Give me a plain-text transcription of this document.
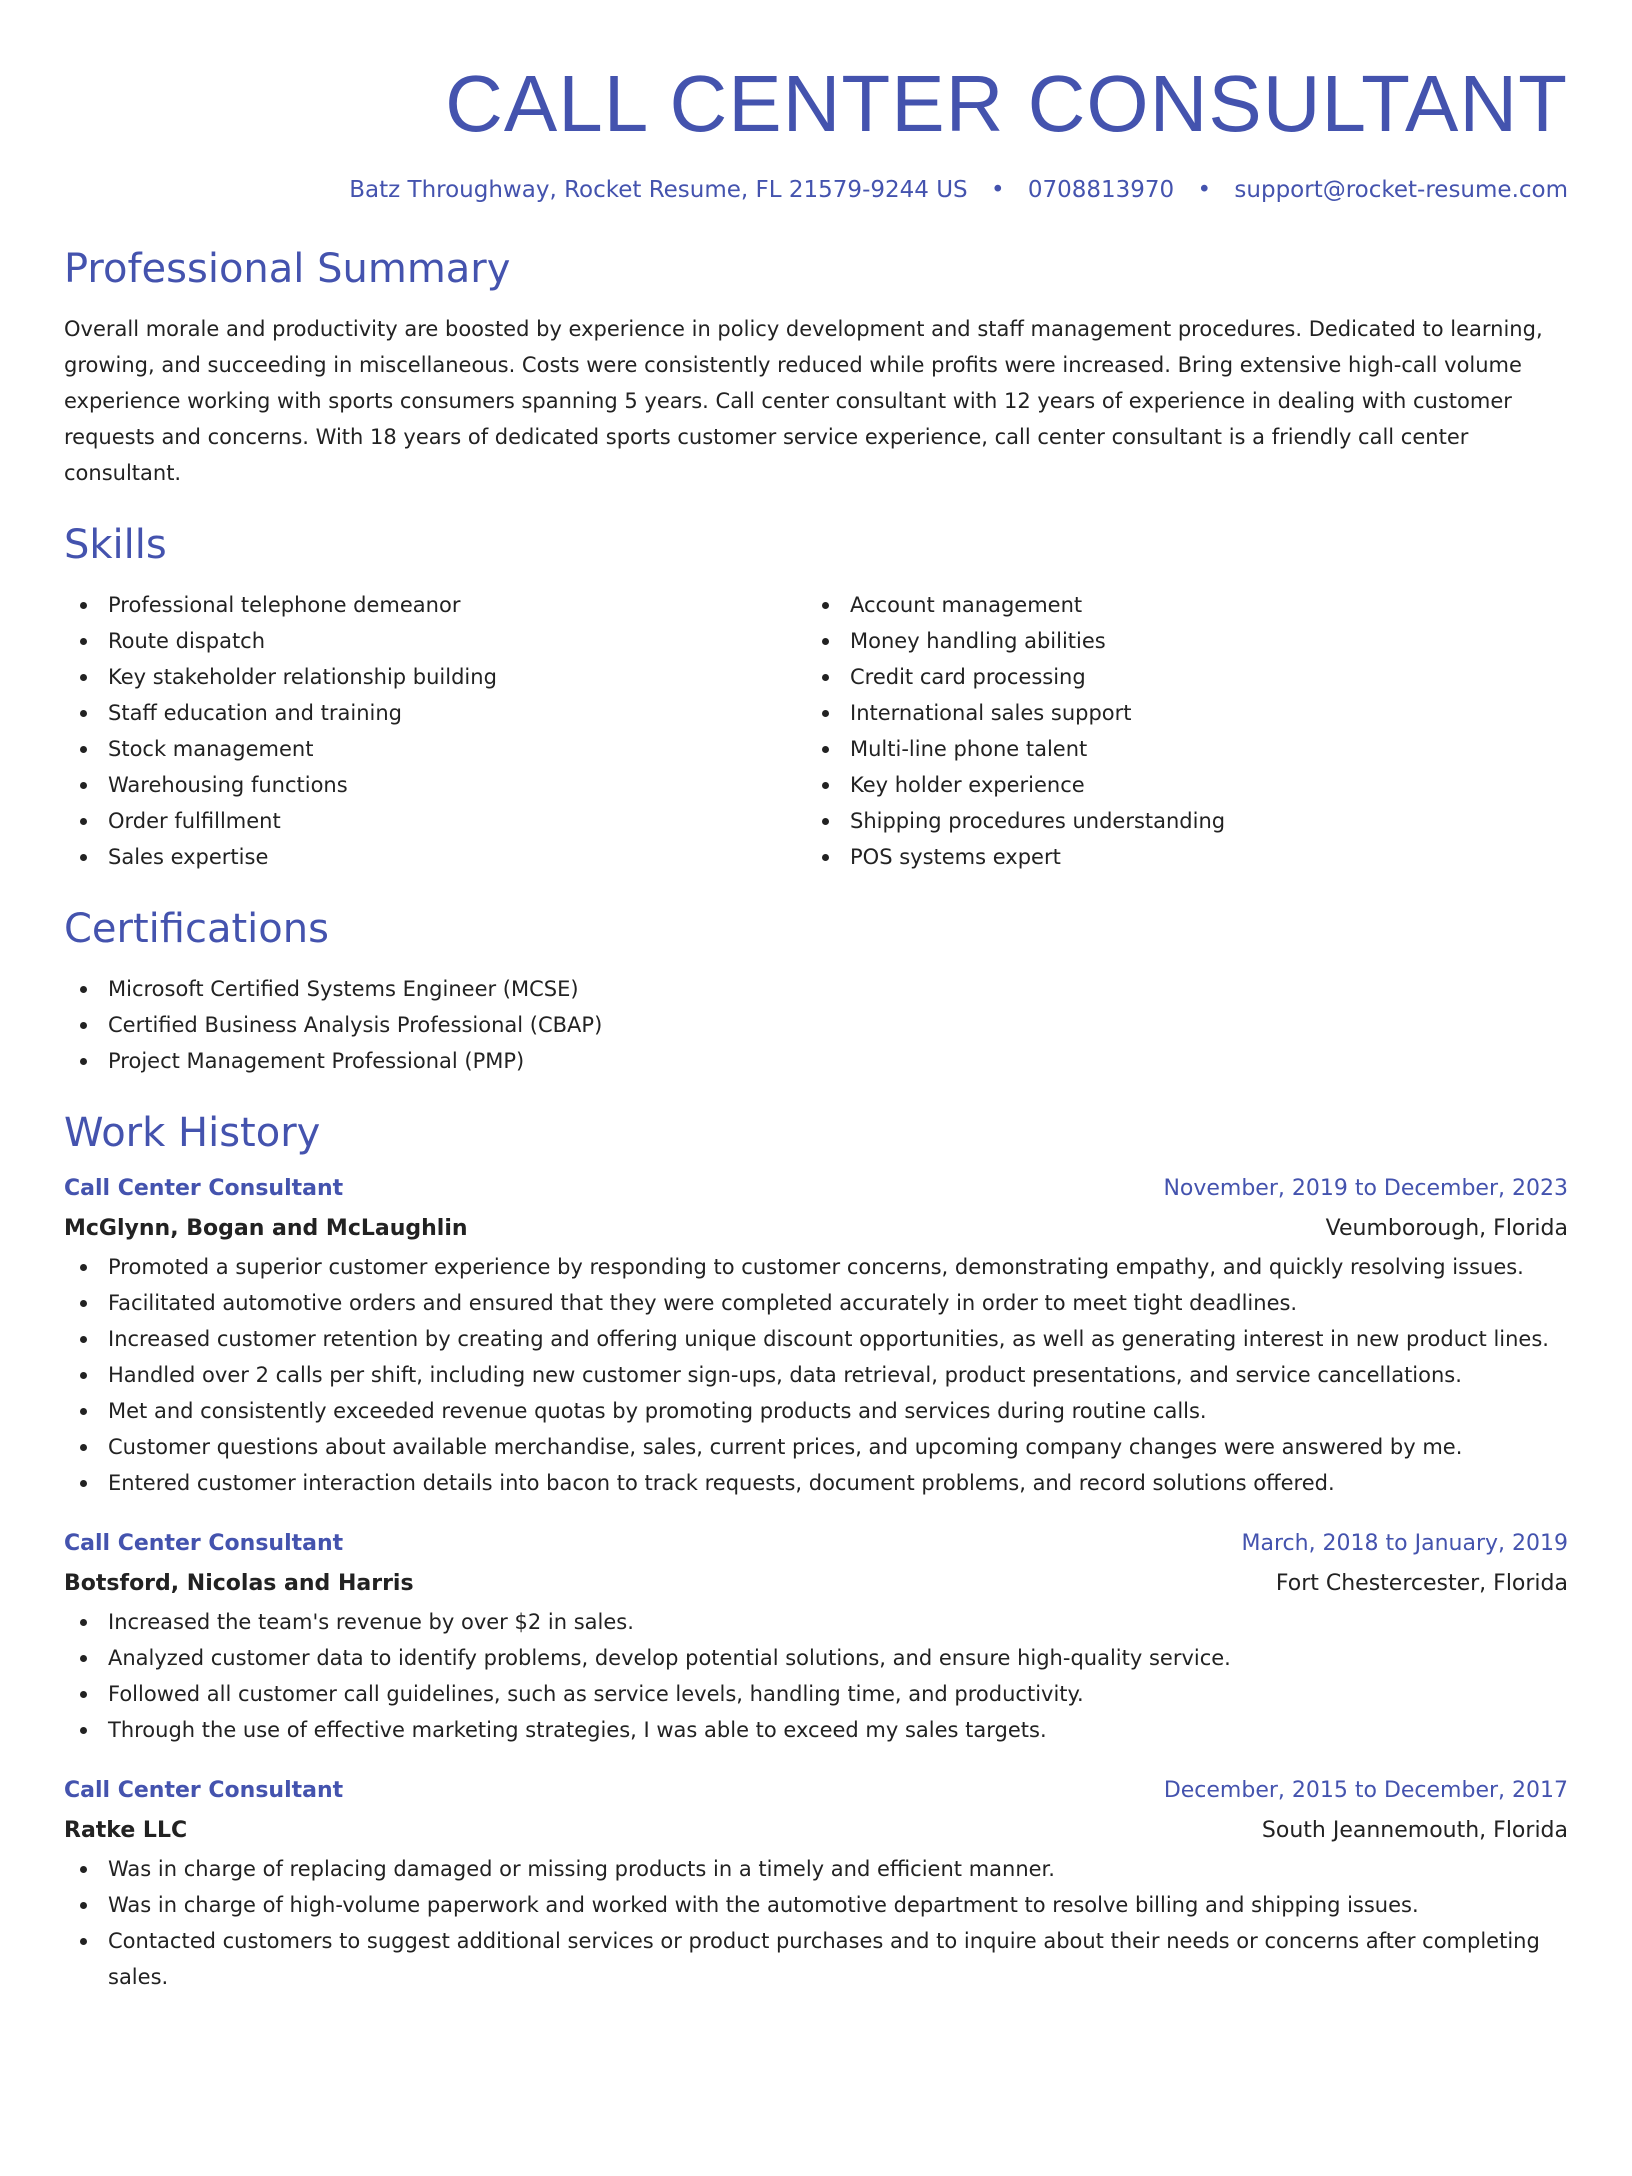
CALL CENTER CONSULTANT
Batz Throughway, Rocket Resume, FL 21579-9244 US • 0708813970 • support@rocket-resume.com
Professional Summary
Overall morale and productivity are boosted by experience in policy development and staff management procedures. Dedicated to learning, growing, and succeeding in miscellaneous. Costs were consistently reduced while profits were increased. Bring extensive high-call volume experience working with sports consumers spanning 5 years. Call center consultant with 12 years of experience in dealing with customer requests and concerns. With 18 years of dedicated sports customer service experience, call center consultant is a friendly call center consultant.
Skills
Professional telephone demeanor
Route dispatch
Key stakeholder relationship building
Staff education and training
Stock management
Warehousing functions
Order fulfillment
Sales expertise
Account management
Money handling abilities
Credit card processing
International sales support
Multi-line phone talent
Key holder experience
Shipping procedures understanding
POS systems expert
Certifications
Microsoft Certified Systems Engineer (MCSE)
Certified Business Analysis Professional (CBAP)
Project Management Professional (PMP)
Work History
Call Center Consultant	November, 2019 to December, 2023
McGlynn, Bogan and McLaughlin	Veumborough, Florida
Promoted a superior customer experience by responding to customer concerns, demonstrating empathy, and quickly resolving issues.
Facilitated automotive orders and ensured that they were completed accurately in order to meet tight deadlines.
Increased customer retention by creating and offering unique discount opportunities, as well as generating interest in new product lines.
Handled over 2 calls per shift, including new customer sign-ups, data retrieval, product presentations, and service cancellations.
Met and consistently exceeded revenue quotas by promoting products and services during routine calls.
Customer questions about available merchandise, sales, current prices, and upcoming company changes were answered by me.
Entered customer interaction details into bacon to track requests, document problems, and record solutions offered.
Call Center Consultant	March, 2018 to January, 2019
Botsford, Nicolas and Harris	Fort Chestercester, Florida
Increased the team's revenue by over $2 in sales.
Analyzed customer data to identify problems, develop potential solutions, and ensure high-quality service.
Followed all customer call guidelines, such as service levels, handling time, and productivity.
Through the use of effective marketing strategies, I was able to exceed my sales targets.
Call Center Consultant	December, 2015 to December, 2017
Ratke LLC	South Jeannemouth, Florida
Was in charge of replacing damaged or missing products in a timely and efficient manner.
Was in charge of high-volume paperwork and worked with the automotive department to resolve billing and shipping issues.
Contacted customers to suggest additional services or product purchases and to inquire about their needs or concerns after completing sales.
